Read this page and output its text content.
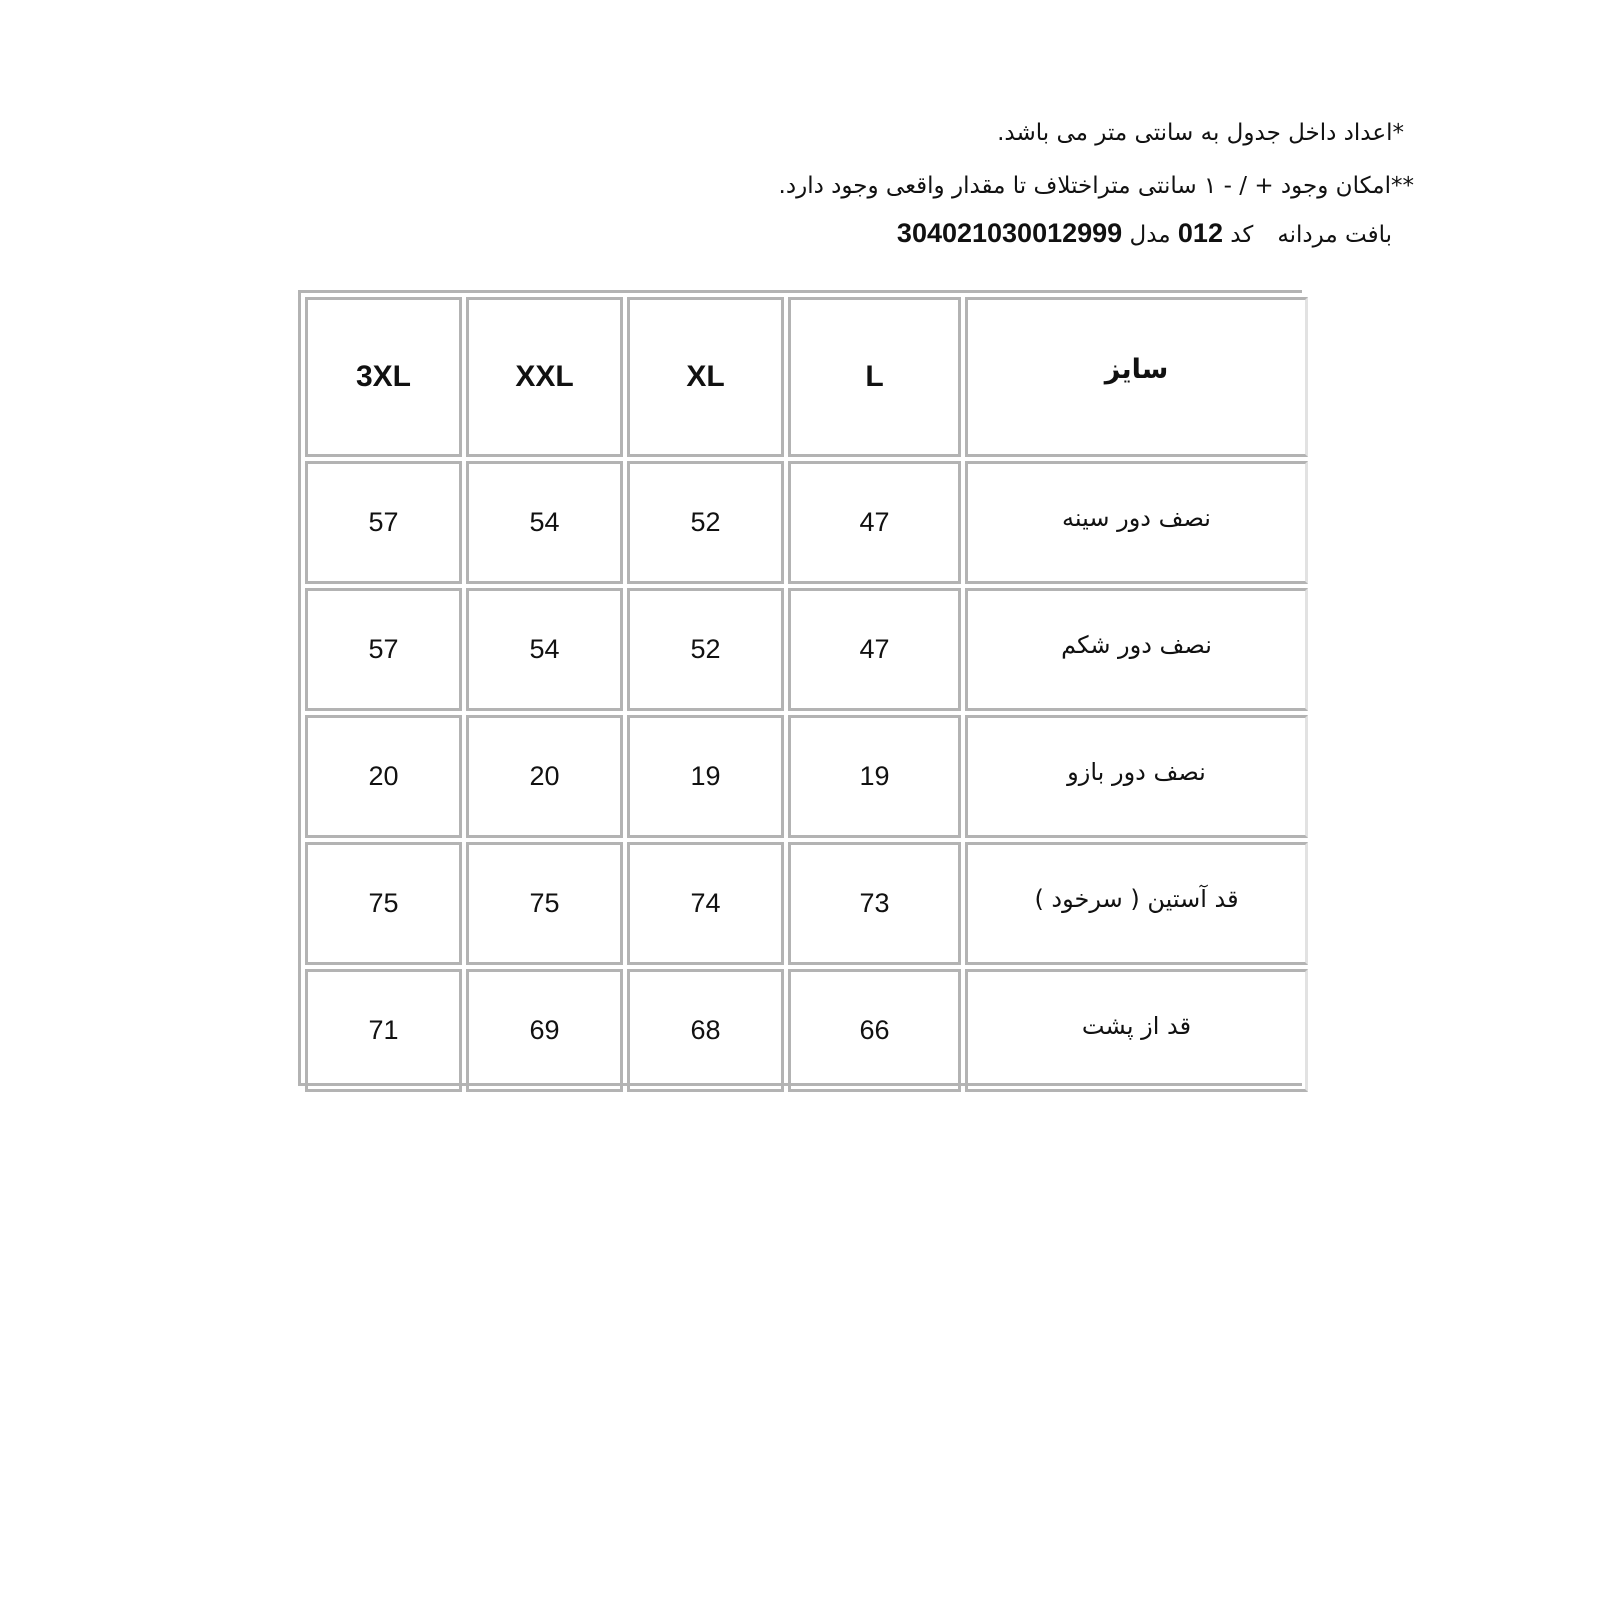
*اعداد داخل جدول به سانتی متر می باشد.
**امکان وجود + / - ۱ سانتی متراختلاف تا مقدار واقعی وجود دارد.
بافت مردانهکد 012 مدل 304021030012999
3XL	XXL	XL	L	سایز
57	54	52	47	نصف دور سینه
57	54	52	47	نصف دور شکم
20	20	19	19	نصف دور بازو
75	75	74	73	قد آستین ( سرخود )
71	69	68	66	قد از پشت
